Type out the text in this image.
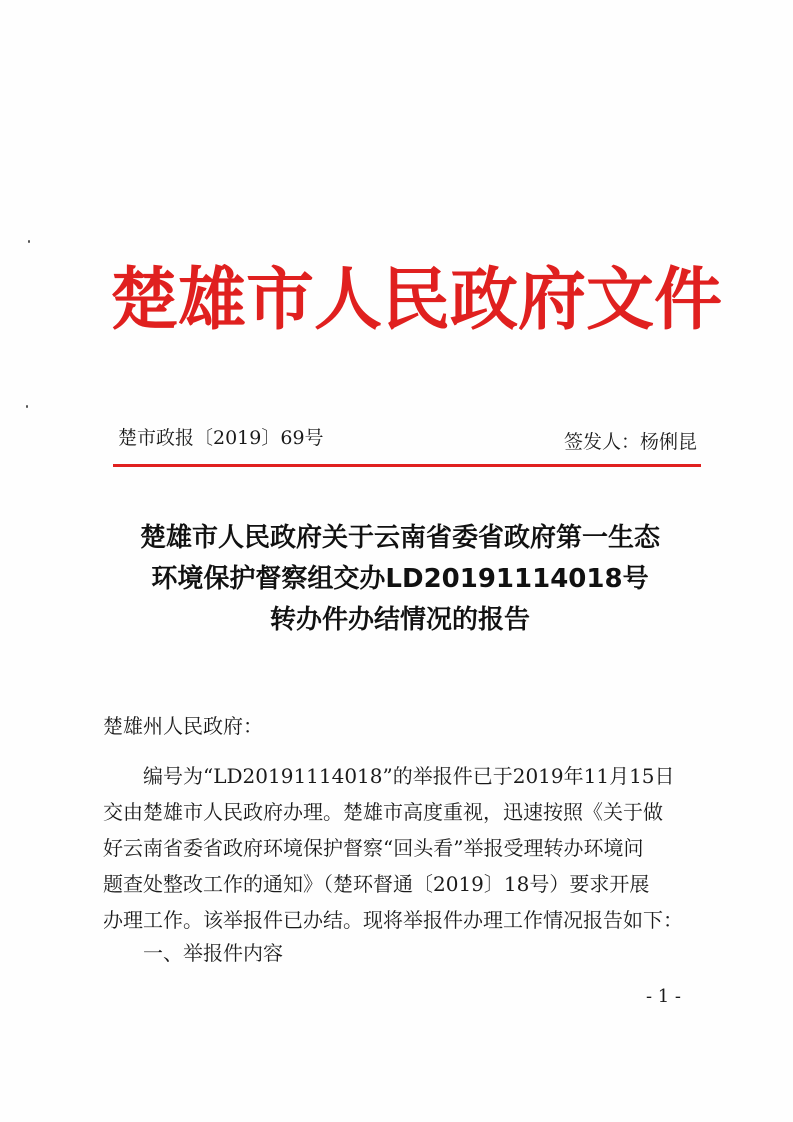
楚雄市人民政府文件
楚市政报〔2019〕69号	签发人：杨俐昆
楚雄市人民政府关于云南省委省政府第一生态
环境保护督察组交办LD20191114018号
转办件办结情况的报告
楚雄州人民政府：
编号为“LD20191114018”的举报件已于2019年11月15日
交由楚雄市人民政府办理。楚雄市高度重视，迅速按照《关于做
好云南省委省政府环境保护督察“回头看”举报受理转办环境问
题查处整改工作的通知》（楚环督通〔2019〕18号）要求开展
办理工作。该举报件已办结。现将举报件办理工作情况报告如下：
一、举报件内容
- 1 -
